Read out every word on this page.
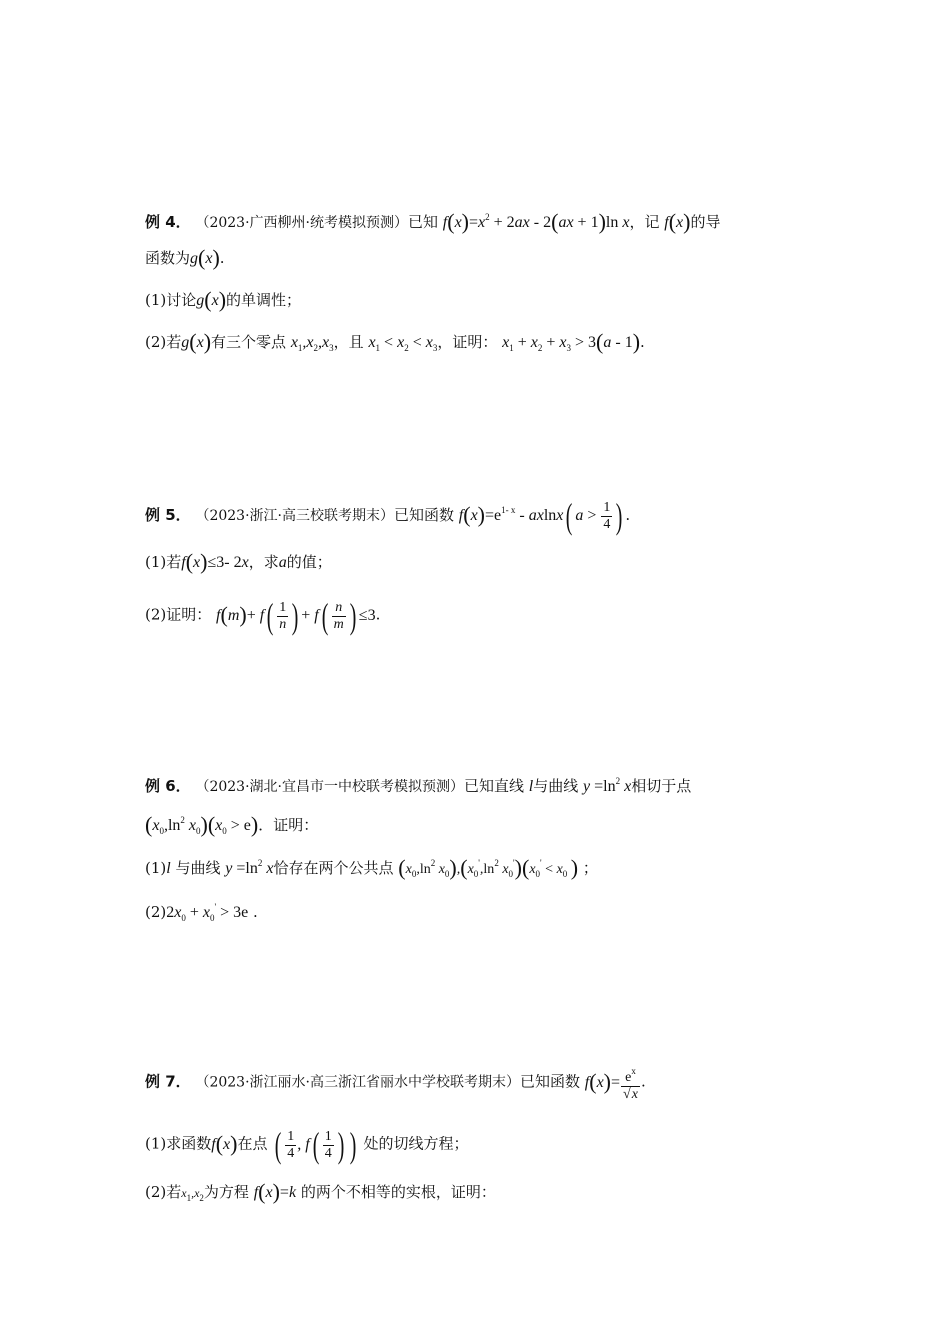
例 4． （2023·广西柳州·统考模拟预测）已知 $f(x)=x^2 + 2ax - 2(ax + 1)\ln$ x，记 f(x)的导
函数为g(x).
(1)讨论g(x)的单调性；
(2)若g(x)有三个零点 $x_1,x_2,x_3$，且 $x_1 < x_2 < x_3$，证明： $x_1 + x_2 + x_3 > 3(a - 1)$.
例 5． （2023·浙江·高三校联考期末）已知函数 $f(x)=e^{1- x} - axlnx$( $a > \frac{1}{4}$ ) .
(1)若f(x)≤3- 2x，求a的值；
(2)证明： $f(m)+ f( \frac{1}{n}$ ) + $f( \frac{n}{m}$ ) ≤3.
例 6． （2023·湖北·宜昌市一中校联考模拟预测）已知直线 l与曲线 $y =\ln^2$ x相切于点
($x_0,\ln^2$ $x_0)(x_0 > e)$．证明：
(1)l 与曲线 $y =\ln^2$ x恰存在两个公共点 ($x_0,\ln^2$ $x_0),(x_0',\ln^2$ $x_0')(x_0' < x_0$ ) ；
$(2)2x_0 + x_0' > 3e$ .
例 7． （2023·浙江丽水·高三浙江省丽水中学校联考期末）已知函数 $f(x)= \frac{e^x}{√x}$ .
(1)求函数f(x)在点 ( $\frac{1}{4}$ , $f( \frac{1}{4}$ ) ) 处的切线方程；
(2)若$x_1,x_2$为方程 f(x)=k 的两个不相等的实根，证明：
